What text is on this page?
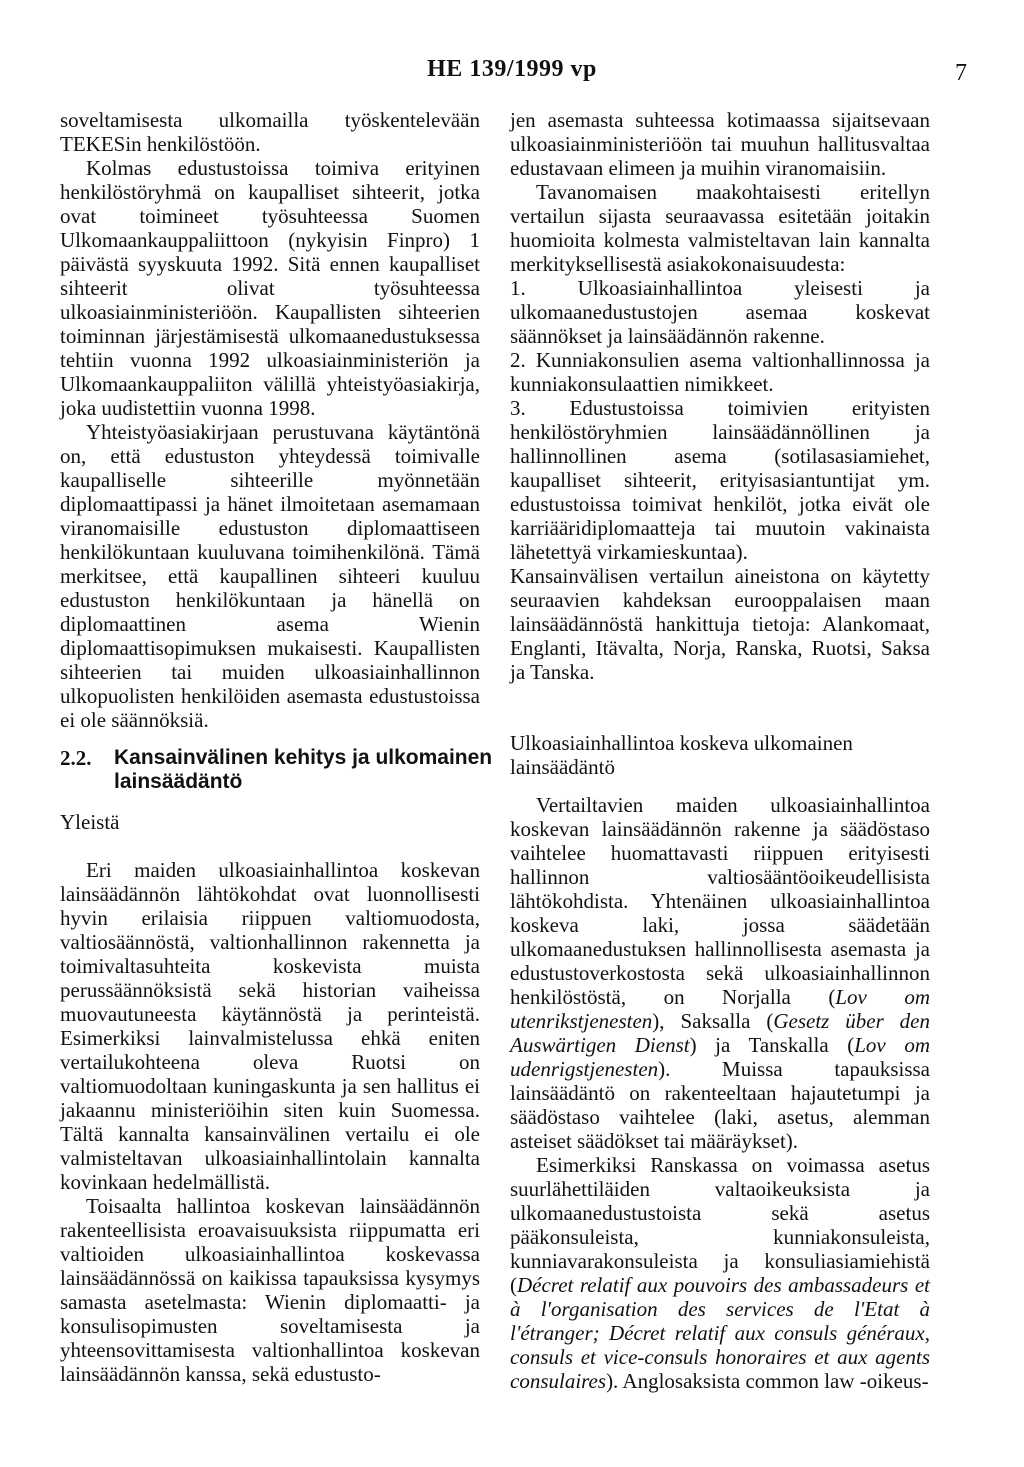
HE 139/1999 vp	7

soveltamisesta ulkomailla työskentelevään TEKESin henkilöstöön.

Kolmas edustustoissa toimiva erityinen henkilöstöryhmä on kaupalliset sihteerit, jotka ovat toimineet työsuhteessa Suomen Ulkomaankauppaliittoon (nykyisin Finpro) 1 päivästä syyskuuta 1992. Sitä ennen kaupalliset sihteerit olivat työsuhteessa ulkoasiainministeriöön. Kaupallisten sihteerien toiminnan järjestämisestä ulkomaanedustuksessa tehtiin vuonna 1992 ulkoasiainministeriön ja Ulkomaankauppaliiton välillä yhteistyöasiakirja, joka uudistettiin vuonna 1998.

Yhteistyöasiakirjaan perustuvana käytäntönä on, että edustuston yhteydessä toimivalle kaupalliselle sihteerille myönnetään diplomaattipassi ja hänet ilmoitetaan asemamaan viranomaisille edustuston diplomaattiseen henkilökuntaan kuuluvana toimihenkilönä. Tämä merkitsee, että kaupallinen sihteeri kuuluu edustuston henkilökuntaan ja hänellä on diplomaattinen asema Wienin diplomaattisopimuksen mukaisesti. Kaupallisten sihteerien tai muiden ulkoasiainhallinnon ulkopuolisten henkilöiden asemasta edustustoissa ei ole säännöksiä.

2.2. Kansainvälinen kehitys ja ulkomainen lainsäädäntö
Yleistä

Eri maiden ulkoasiainhallintoa koskevan lainsäädännön lähtökohdat ovat luonnollisesti hyvin erilaisia riippuen valtiomuodosta, valtiosäännöstä, valtionhallinnon rakennetta ja toimivaltasuhteita koskevista muista perussäännöksistä sekä historian vaiheissa muovautuneesta käytännöstä ja perinteistä. Esimerkiksi lainvalmistelussa ehkä eniten vertailukohteena oleva Ruotsi on valtiomuodoltaan kuningaskunta ja sen hallitus ei jakaannu ministeriöihin siten kuin Suomessa. Tältä kannalta kansainvälinen vertailu ei ole valmisteltavan ulkoasiainhallintolain kannalta kovinkaan hedelmällistä.

Toisaalta hallintoa koskevan lainsäädännön rakenteellisista eroavaisuuksista riippumatta eri valtioiden ulkoasiainhallintoa koskevassa lainsäädännössä on kaikissa tapauksissa kysymys samasta asetelmasta: Wienin diplomaatti- ja konsulisopimusten soveltamisesta ja yhteensovittamisesta valtionhallintoa koskevan lainsäädännön kanssa, sekä edustusto-

jen asemasta suhteessa kotimaassa sijaitsevaan ulkoasiainministeriöön tai muuhun hallitusvaltaa edustavaan elimeen ja muihin viranomaisiin.

Tavanomaisen maakohtaisesti eritellyn vertailun sijasta seuraavassa esitetään joitakin huomioita kolmesta valmisteltavan lain kannalta merkityksellisestä asiakokonaisuudesta:

1. Ulkoasiainhallintoa yleisesti ja ulkomaanedustustojen asemaa koskevat säännökset ja lainsäädännön rakenne.

2. Kunniakonsulien asema valtionhallinnossa ja kunniakonsulaattien nimikkeet.

3. Edustustoissa toimivien erityisten henkilöstöryhmien lainsäädännöllinen ja hallinnollinen asema (sotilasasiamiehet, kaupalliset sihteerit, erityisasiantuntijat ym. edustustoissa toimivat henkilöt, jotka eivät ole karriääridiplomaatteja tai muutoin vakinaista lähetettyä virkamieskuntaa).

Kansainvälisen vertailun aineistona on käytetty seuraavien kahdeksan eurooppalaisen maan lainsäädännöstä hankittuja tietoja: Alankomaat, Englanti, Itävalta, Norja, Ranska, Ruotsi, Saksa ja Tanska.

Ulkoasiainhallintoa koskeva ulkomainen lainsäädäntö

Vertailtavien maiden ulkoasiainhallintoa koskevan lainsäädännön rakenne ja säädöstaso vaihtelee huomattavasti riippuen erityisesti hallinnon valtiosääntöoikeudellisista lähtökohdista. Yhtenäinen ulkoasiainhallintoa koskeva laki, jossa säädetään ulkomaanedustuksen hallinnollisesta asemasta ja edustustoverkostosta sekä ulkoasiainhallinnon henkilöstöstä, on Norjalla (Lov om utenrikstjenesten), Saksalla (Gesetz über den Auswärtigen Dienst) ja Tanskalla (Lov om udenrigstjenesten). Muissa tapauksissa lainsäädäntö on rakenteeltaan hajautetumpi ja säädöstaso vaihtelee (laki, asetus, alemman asteiset säädökset tai määräykset).

Esimerkiksi Ranskassa on voimassa asetus suurlähettiläiden valtaoikeuksista ja ulkomaanedustustoista sekä asetus pääkonsuleista, kunniakonsuleista, kunniavarakonsuleista ja konsuliasiamiehistä (Décret relatif aux pouvoirs des ambassadeurs et à l'organisation des services de l'Etat à l'étranger; Décret relatif aux consuls généraux, consuls et vice-consuls honoraires et aux agents consulaires). Anglosaksista common law -oikeus-
